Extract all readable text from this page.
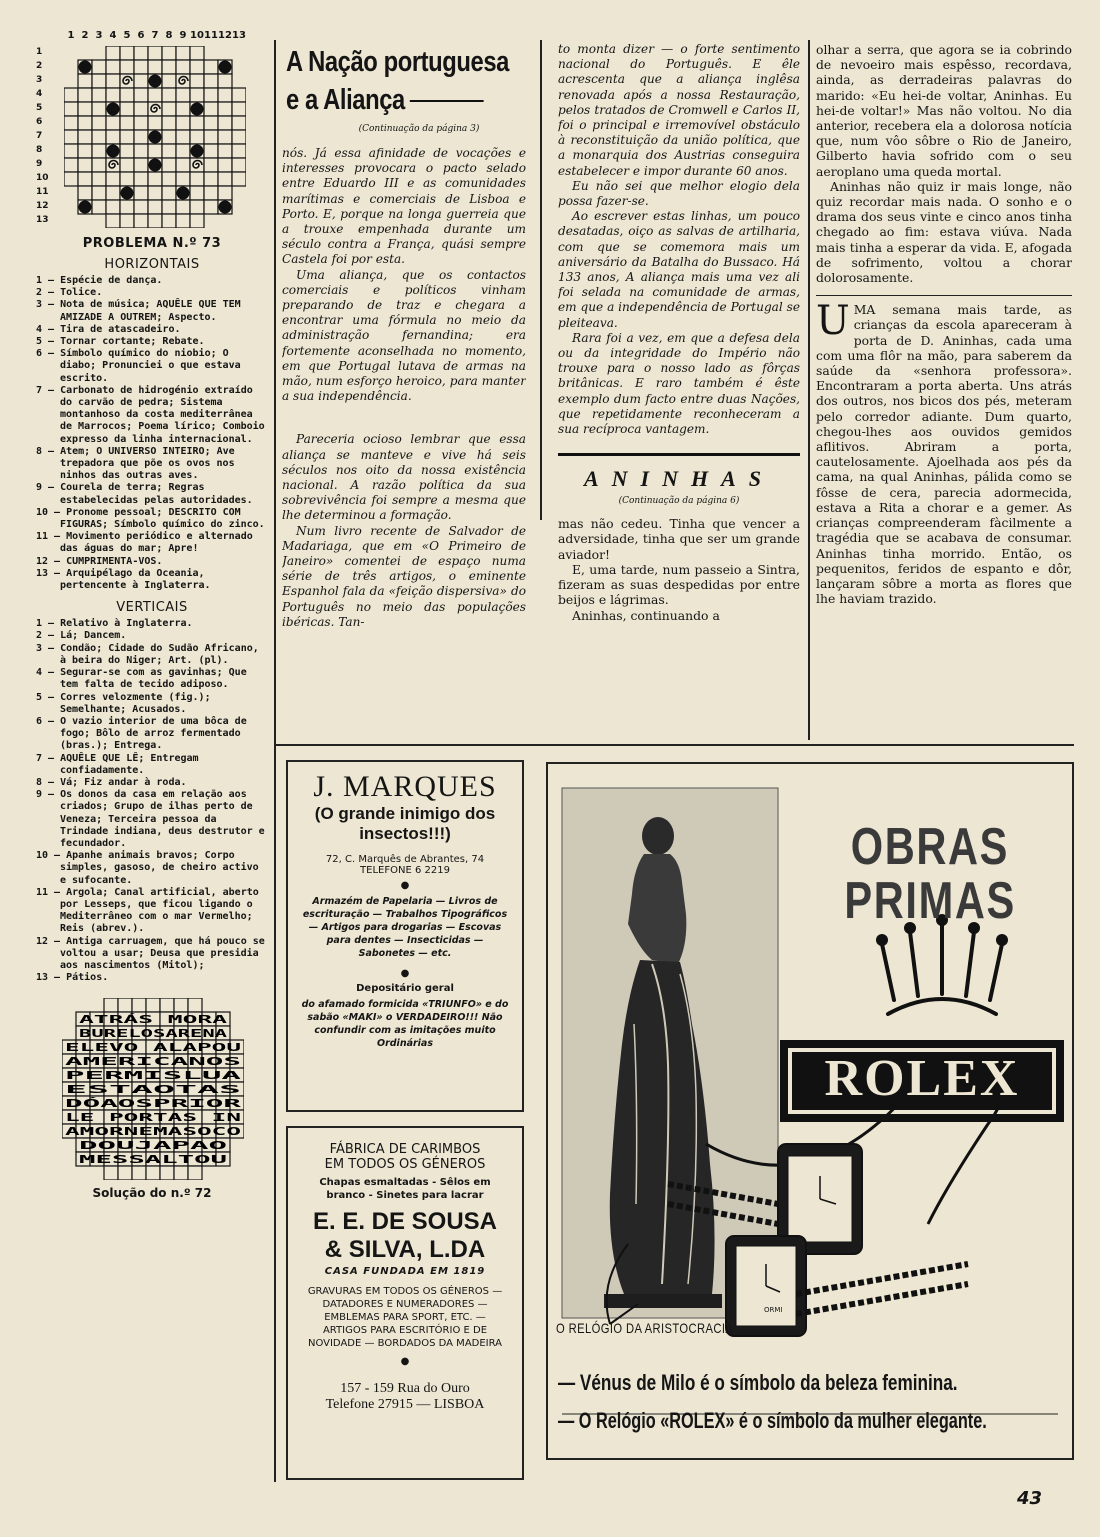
1 2 3 4 5 6 7 8 9 10 11 12 13
1
2
3
4
5
6
7
8
9
10
11
12
13
PROBLEMA N.º 73
HORIZONTAIS

1 — Espécie de dança.

2 — Tolice.

3 — Nota de música; AQUÊLE QUE TEM AMIZADE A OUTREM; Aspecto.

4 — Tira de atascadeiro.

5 — Tornar cortante; Rebate.

6 — Símbolo químico do niobio; O diabo; Pronunciei o que estava escrito.

7 — Carbonato de hidrogénio extraído do carvão de pedra; Sistema montanhoso da costa mediterrânea de Marrocos; Poema lírico; Comboio expresso da linha internacional.

8 — Atem; O UNIVERSO INTEIRO; Ave trepadora que põe os ovos nos ninhos das outras aves.

9 — Courela de terra; Regras estabelecidas pelas autoridades.

10 — Pronome pessoal; DESCRITO COM FIGURAS; Símbolo químico do zinco.

11 — Movimento periódico e alternado das águas do mar; Apre!

12 — CUMPRIMENTA-VOS.

13 — Arquipélago da Oceania, pertencente à Inglaterra.

VERTICAIS

1 — Relativo à Inglaterra.

2 — Lá; Dancem.

3 — Condão; Cidade do Sudão Africano, à beira do Niger; Art. (pl).

4 — Segurar-se com as gavinhas; Que tem falta de tecido adiposo.

5 — Corres velozmente (fig.); Semelhante; Acusados.

6 — O vazio interior de uma bôca de fogo; Bôlo de arroz fermentado (bras.); Entrega.

7 — AQUÊLE QUE LÊ; Entregam confiadamente.

8 — Vá; Fiz andar à roda.

9 — Os donos da casa em relação aos criados; Grupo de ilhas perto de Veneza; Terceira pessoa da Trindade indiana, deus destrutor e fecundador.

10 — Apanhe animais bravos; Corpo simples, gasoso, de cheiro activo e sufocante.

11 — Argola; Canal artificial, aberto por Lesseps, que ficou ligando o Mediterrâneo com o mar Vermelho; Reis (abrev.).

12 — Antiga carruagem, que há pouco se voltou a usar; Deusa que presidia aos nascimentos (Mitol);

13 — Pátios.

ATRÁS MORA
BURELOSARENA
ELEVO ALAPOU
AMERICANOS
PERMISLUA
ESTAOTAS
DÓAOSPRIOR
LE PORTAS IN
AMORNEMASOCO
DOUJAPAO
MESSALTOU
Solução do n.º 72
A Nação portuguesa
e a Aliança
(Continuação da página 3)

nós. Já essa afinidade de vocações e interesses provocara o pacto selado entre Eduardo III e as comunidades marítimas e comerciais de Lisboa e Porto. E, porque na longa guerreia que a trouxe empenhada durante um século contra a França, quási sempre Castela foi por esta.

Uma aliança, que os contactos comerciais e políticos vinham preparando de traz e chegara a encontrar uma fórmula no meio da administração fernandina; era fortemente aconselhada no momento, em que Portugal lutava de armas na mão, num esforço heroico, para manter a sua independência.

Pareceria ocioso lembrar que essa aliança se manteve e vive há seis séculos nos oito da nossa existência nacional. A razão política da sua sobrevivência foi sempre a mesma que lhe determinou a formação.

Num livro recente de Salvador de Madariaga, que em «O Primeiro de Janeiro» comentei de espaço numa série de três artigos, o eminente Espanhol fala da «feição dispersiva» do Português no meio das populações ibéricas. Tan-

to monta dizer — o forte sentimento nacional do Português. E êle acrescenta que a aliança inglêsa renovada após a nossa Restauração, pelos tratados de Cromwell e Carlos II, foi o principal e irremovível obstáculo à reconstituição da união política, que a monarquia dos Austrias conseguira estabelecer e impor durante 60 anos.

Eu não sei que melhor elogio dela possa fazer-se.

Ao escrever estas linhas, um pouco desatadas, oiço as salvas de artilharia, com que se comemora mais um aniversário da Batalha do Bussaco. Há 133 anos, A aliança mais uma vez ali foi selada na comunidade de armas, em que a independência de Portugal se pleiteava.

Rara foi a vez, em que a defesa dela ou da integridade do Império não trouxe para o nosso lado as fôrças britânicas. E raro também é êste exemplo dum facto entre duas Nações, que repetidamente reconheceram a sua recíproca vantagem.

ANINHAS
(Continuação da página 6)

mas não cedeu. Tinha que vencer a adversidade, tinha que ser um grande aviador!

E, uma tarde, num passeio a Sintra, fizeram as suas despedidas por entre beijos e lágrimas.

Aninhas, continuando a

olhar a serra, que agora se ia cobrindo de nevoeiro mais espêsso, recordava, ainda, as derradeiras palavras do marido: «Eu hei-de voltar, Aninhas. Eu hei-de voltar!» Mas não voltou. No dia anterior, recebera ela a dolorosa notícia que, num vôo sôbre o Rio de Janeiro, Gilberto havia sofrido com o seu aeroplano uma queda mortal.

Aninhas não quiz ir mais longe, não quiz recordar mais nada. O sonho e o drama dos seus vinte e cinco anos tinha chegado ao fim: estava viúva. Nada mais tinha a esperar da vida. E, afogada de sofrimento, voltou a chorar dolorosamente.

UMA semana mais tarde, as crianças da escola apareceram à porta de D. Aninhas, cada uma com uma flôr na mão, para saberem da saúde da «senhora professora». Encontraram a porta aberta. Uns atrás dos outros, nos bicos dos pés, meteram pelo corredor adiante. Dum quarto, chegou-lhes aos ouvidos gemidos aflitivos. Abriram a porta, cautelosamente. Ajoelhada aos pés da cama, na qual Aninhas, pálida como se fôsse de cera, parecia adormecida, estava a Rita a chorar e a gemer. As crianças compreenderam fàcilmente a tragédia que se acabava de consumar. Aninhas tinha morrido. Então, os pequenitos, feridos de espanto e dôr, lançaram sôbre a morta as flores que lhe haviam trazido.

J. MARQUES
(O grande inimigo dos insectos!!!)
72, C. Marquês de Abrantes, 74
TELEFONE 6 2219
●
Armazém de Papelaria — Livros de escrituração — Trabalhos Tipográficos — Artigos para drogarias — Escovas para dentes — Insecticidas — Sabonetes — etc.
●
Depositário geral
do afamado formicida «TRIUNFO» e do sabão «MAKI» o VERDADEIRO!!! Não confundir com as imitações muito Ordinárias
FÁBRICA DE CARIMBOS
EM TODOS OS GÉNEROS
Chapas esmaltadas - Sêlos em branco - Sinetes para lacrar
E. E. DE SOUSA
& SILVA, L.DA
CASA FUNDADA EM 1819
GRAVURAS EM TODOS OS GÉNEROS — DATADORES E NUMERADORES — EMBLEMAS PARA SPORT, ETC. — ARTIGOS PARA ESCRITÓRIO E DE NOVIDADE — BORDADOS DA MADEIRA
●
157 - 159 Rua do Ouro
Telefone 27915 — LISBOA
OBRAS
PRIMAS
ROLEX
ORMI
O RELÓGIO DA ARISTOCRACIA
— Vénus de Milo é o símbolo da beleza feminina.
— O Relógio «ROLEX» é o símbolo da mulher elegante.
43
